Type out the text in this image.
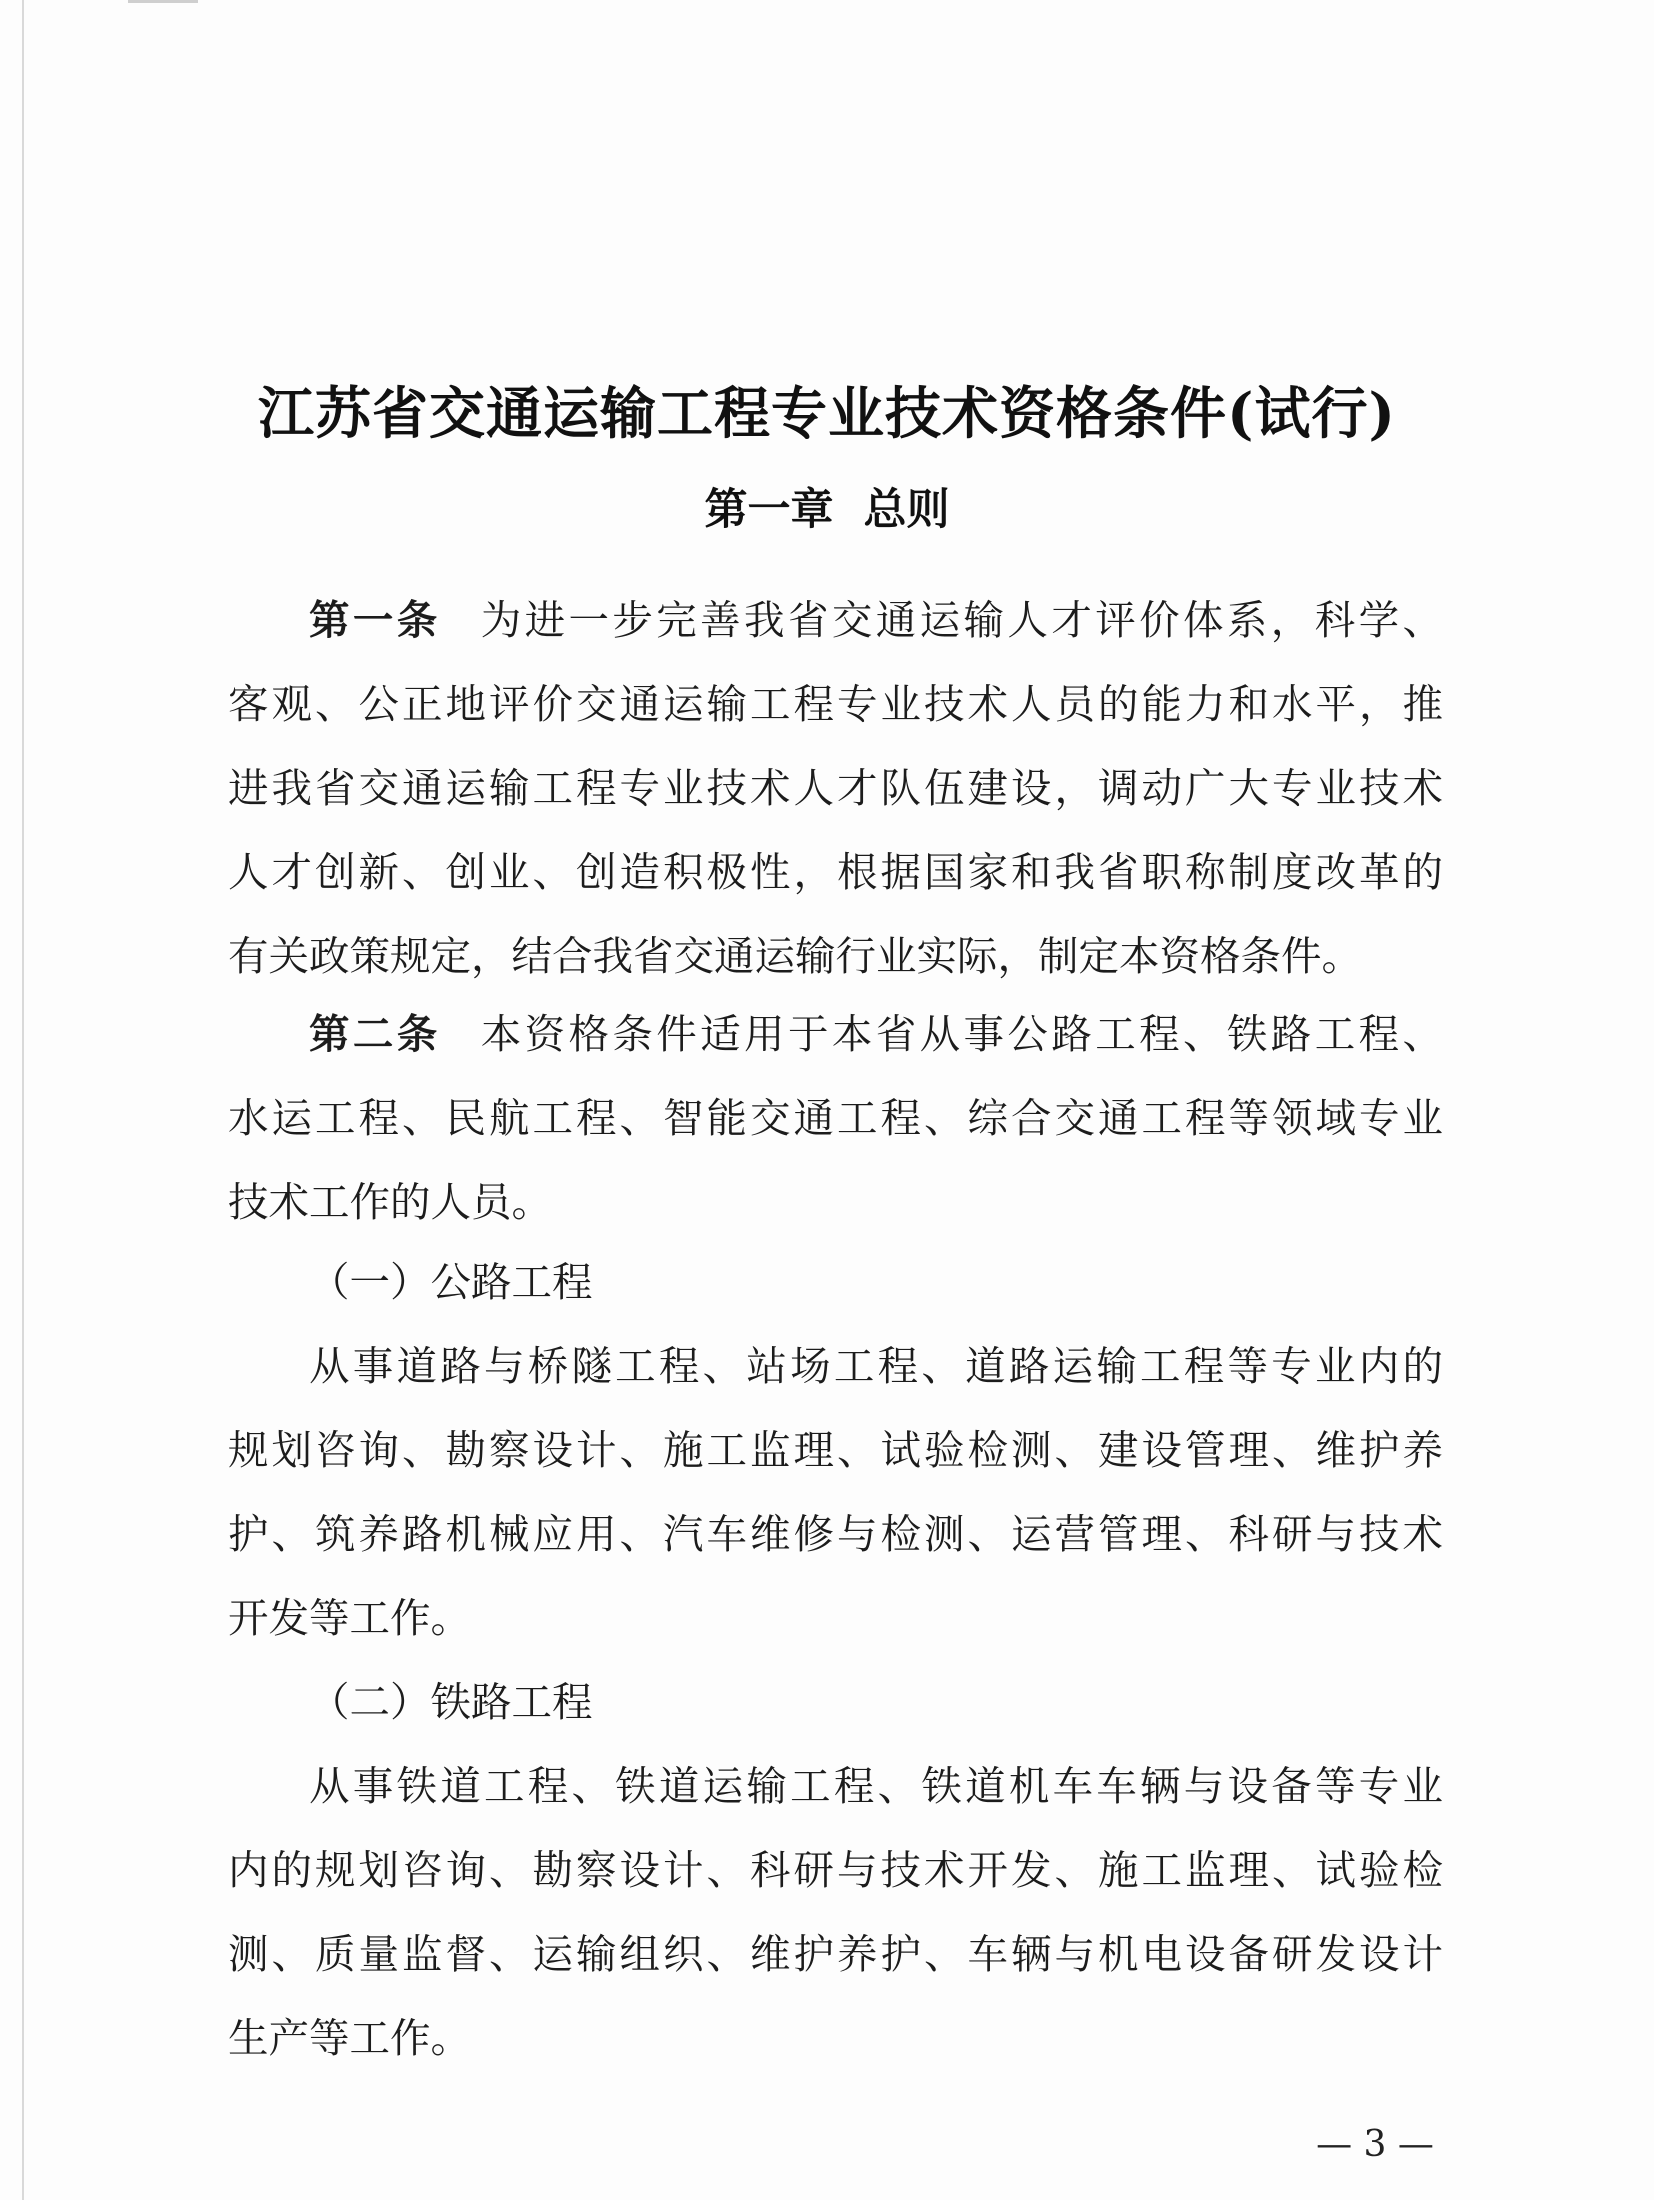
江苏省交通运输工程专业技术资格条件(试行)
第一章  总则
第一条 为进一步完善我省交通运输人才评价体系，科学、
客观、公正地评价交通运输工程专业技术人员的能力和水平，推
进我省交通运输工程专业技术人才队伍建设，调动广大专业技术
人才创新、创业、创造积极性，根据国家和我省职称制度改革的
有关政策规定，结合我省交通运输行业实际，制定本资格条件。
第二条 本资格条件适用于本省从事公路工程、铁路工程、
水运工程、民航工程、智能交通工程、综合交通工程等领域专业
技术工作的人员。
（一）公路工程
从事道路与桥隧工程、站场工程、道路运输工程等专业内的
规划咨询、勘察设计、施工监理、试验检测、建设管理、维护养
护、筑养路机械应用、汽车维修与检测、运营管理、科研与技术
开发等工作。
（二）铁路工程
从事铁道工程、铁道运输工程、铁道机车车辆与设备等专业
内的规划咨询、勘察设计、科研与技术开发、施工监理、试验检
测、质量监督、运输组织、维护养护、车辆与机电设备研发设计
生产等工作。
— 3 —
